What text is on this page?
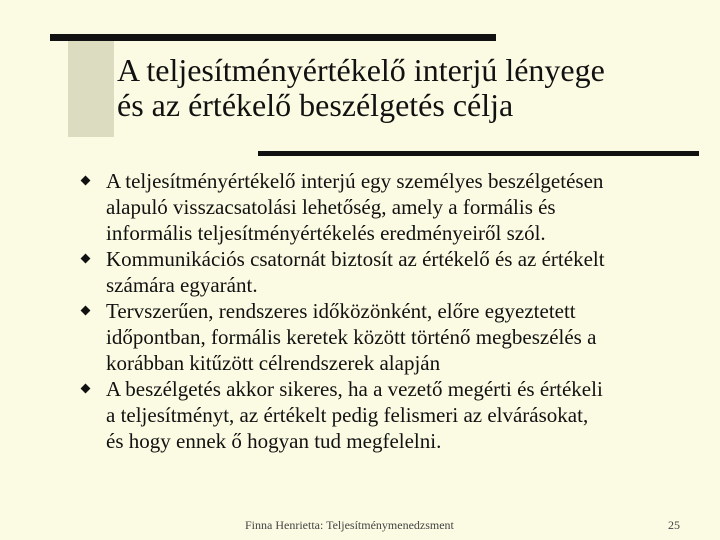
A teljesítményértékelő interjú lényege
és az értékelő beszélgetés célja
A teljesítményértékelő interjú egy személyes beszélgetésen
alapuló visszacsatolási lehetőség, amely a formális és
informális teljesítményértékelés eredményeiről szól.
Kommunikációs csatornát biztosít az értékelő és az értékelt
számára egyaránt.
Tervszerűen, rendszeres időközönként, előre egyeztetett
időpontban, formális keretek között történő megbeszélés a
korábban kitűzött célrendszerek alapján
A beszélgetés akkor sikeres, ha a vezető megérti és értékeli
a teljesítményt, az értékelt pedig felismeri az elvárásokat,
és hogy ennek ő hogyan tud megfelelni.
Finna Henrietta: Teljesítménymenedzsment	25
